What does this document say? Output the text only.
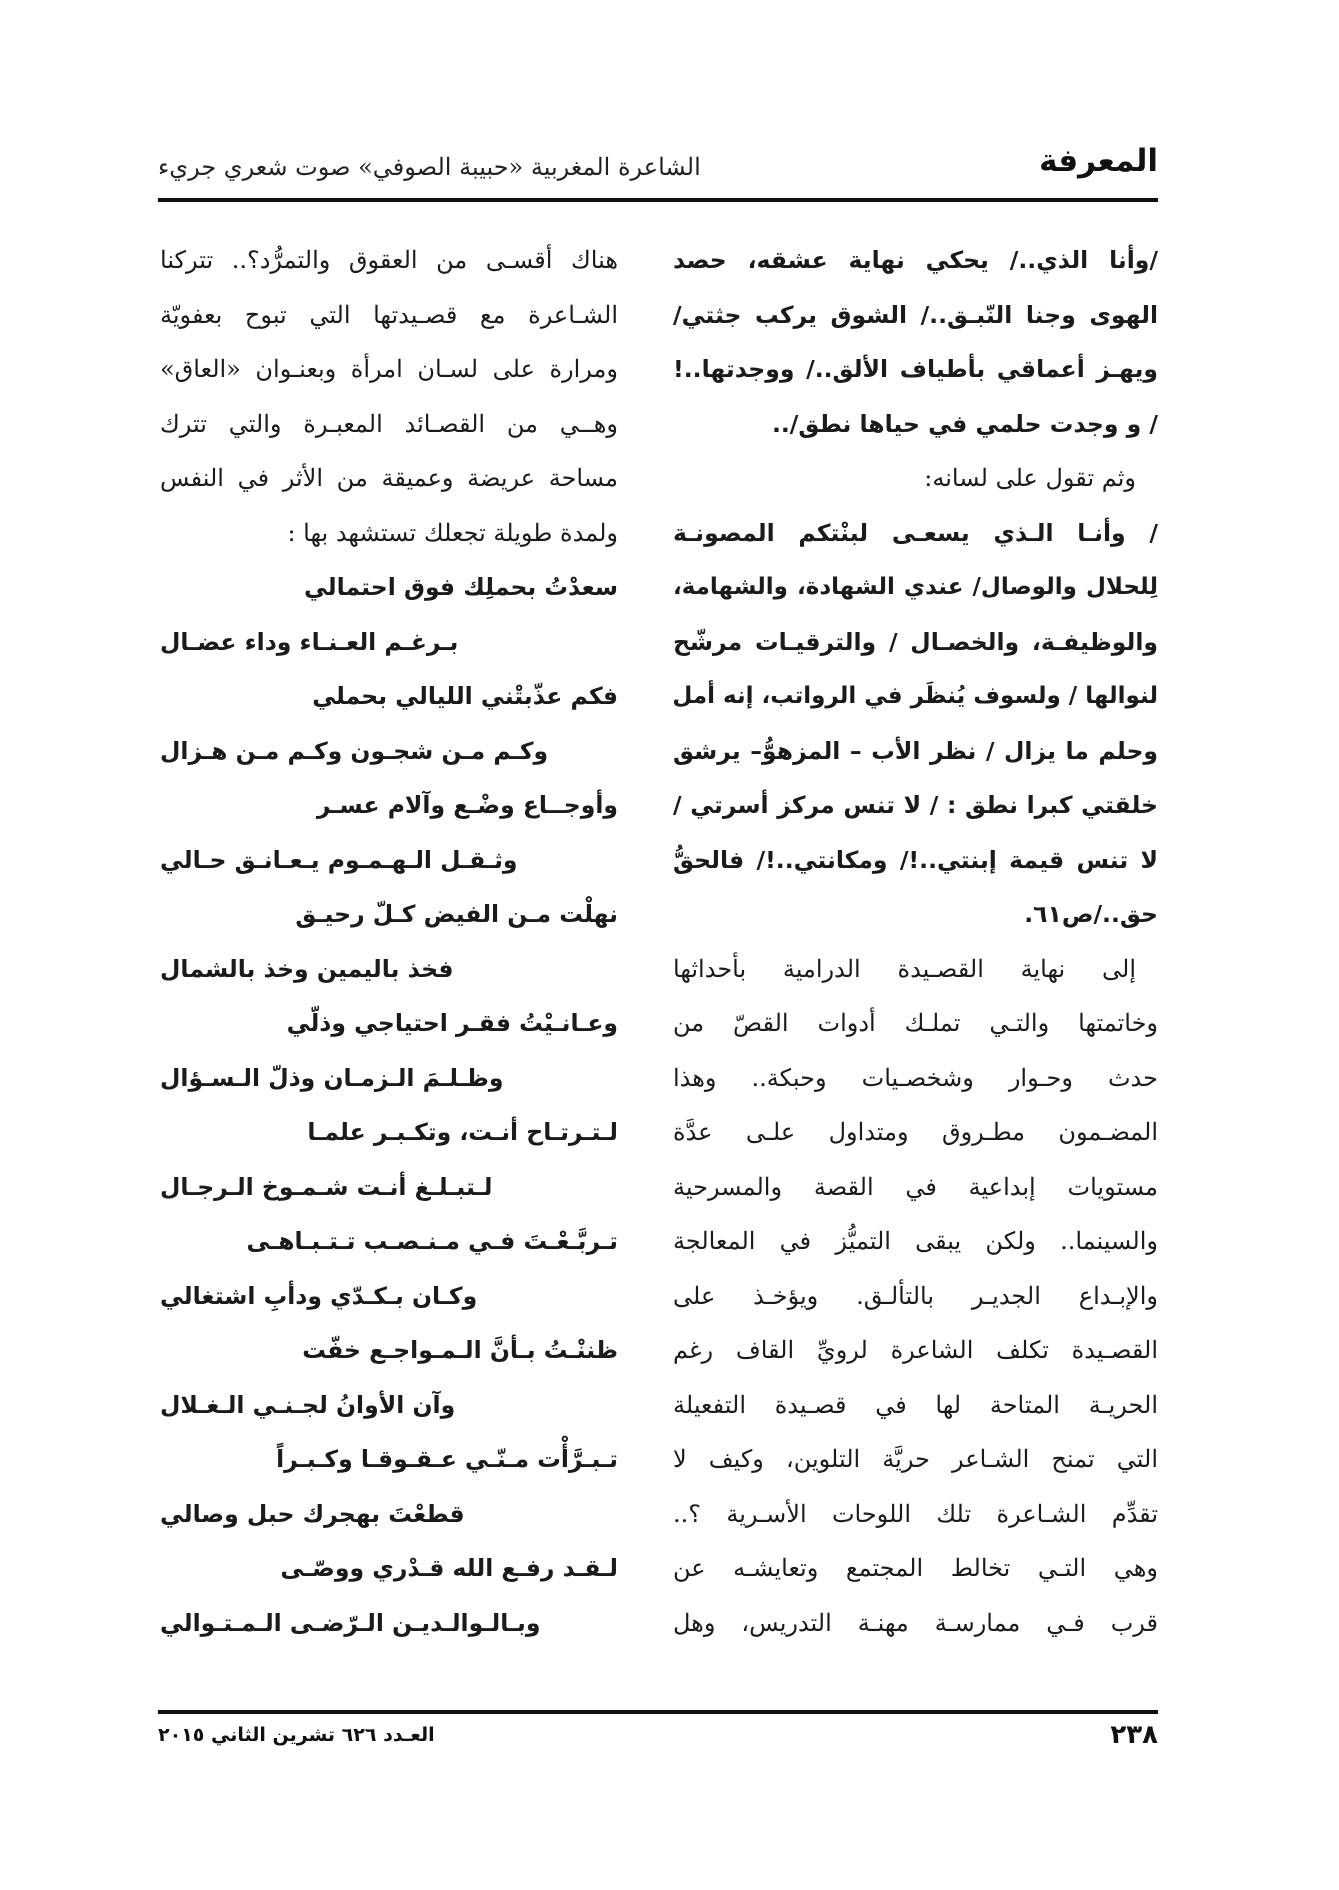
المعرفة
الشاعرة المغربية «حبيبة الصوفي» صوت شعري جريء
/وأنا الذي../ يحكي نهاية عشقه، حصد
الهوى وجنا النّبـق../ الشوق يركب جثتي/
ويهـز أعماقي بأطياف الألق../ ووجدتها..!
/ و وجدت حلمي في حياها نطق/..
وثم تقول على لسانه:
/ وأنـا الـذي يسعـى لبنْتكم المصونـة
لِلحلال والوصال/ عندي الشهادة، والشهامة،
والوظيفـة، والخصـال / والترقيـات مرشّح
لنوالها / ولسوف يُنظَر في الرواتب، إنه أمل
وحلم ما يزال / نظر الأب – المزهوُّ– يرشق
خلقتي كبرا نطق : / لا تنس مركز أسرتي /
لا تنس قيمة إبنتي..!/ ومكانتي..!/ فالحقُّ
حق../ص٦١.
إلى نهاية القصـيدة الدرامية بأحداثها
وخاتمتها والتـي تملـك أدوات القصّ من
حدث وحـوار وشخصـيات وحبكة.. وهذا
المضـمون مطـروق ومتداول علـى عدَّة
مستويات إبداعية في القصة والمسرحية
والسينما.. ولكن يبقى التميُّز في المعالجة
والإبـداع الجديـر بالتألـق. ويؤخـذ على
القصـيدة تكلف الشاعرة لرويِّ القاف رغم
الحريـة المتاحة لها في قصـيدة التفعيلة
التي تمنح الشـاعر حريَّة التلوين، وكيف لا
تقدِّم الشـاعرة تلك اللوحات الأسـرية ؟..
وهي التـي تخالط المجتمع وتعايشـه عن
قرب فـي ممارسـة مهنـة التدريس، وهل
هناك أقسـى من العقوق والتمرُّد؟.. تتركنا
الشـاعرة مع قصـيدتها التي تبوح بعفويّة
ومرارة على لسـان امرأة وبعنـوان «العاق»
وهــي من القصـائد المعبـرة والتي تترك
مساحة عريضة وعميقة من الأثر في النفس
ولمدة طويلة تجعلك تستشهد بها :
سعدْتُ بحملِك فوق احتمالي
بـرغـم العـنـاء وداء عضـال
فكم عذّبتْني الليالي بحملي
وكـم مـن شجـون وكـم مـن هـزال
وأوجــاع وضْـع وآلام عسـر
وثـقـل الـهـمـوم يـعـانـق حـالي
نهلْت مـن الفيض كـلّ رحيـق
فخذ باليمين وخذ بالشمال
وعـانـيْتُ فقـر احتياجي وذلّي
وظـلـمَ الـزمـان وذلّ الـسـؤال
لـتـرتـاح أنـت، وتكـبـر علمـا
لـتبـلـغ أنـت شـمـوخ الـرجـال
تـربَّـعْـتَ فـي مـنـصـب تـتـبـاهـى
وكـان بـكـدّي ودأبِ اشتغالي
ظننْـتُ بـأنَّ الـمـواجـع خفّت
وآن الأوانُ لجـنـي الـغـلال
تـبـرَّأْت مـنّـي عـقـوقـا وكـبـراً
قطعْتَ بهجرك حبل وصالي
لـقـد رفـع الله قـدْري ووصّـى
وبـالـوالـديـن الـرّضـى الـمـتـوالي
٢٣٨
العـدد ٦٢٦ تشرين الثاني ٢٠١٥
